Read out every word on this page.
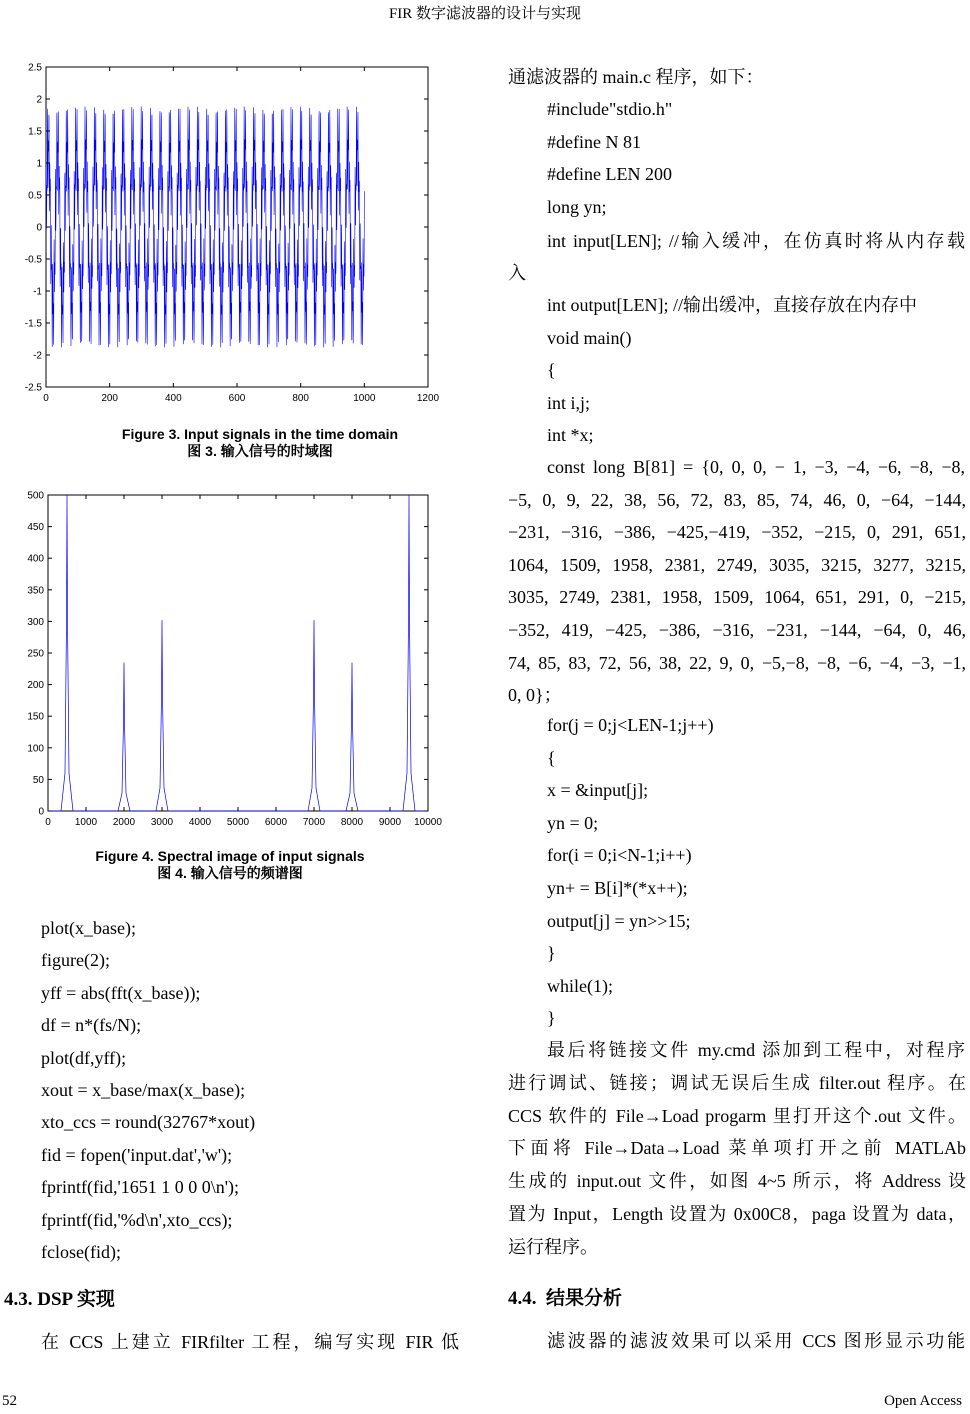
FIR 数字滤波器的设计与实现
0	200	400	600	800	1000	1200
2.5
2
1.5
1
0.5
0
-0.5
-1
-1.5
-2
-2.5
Figure 3. Input signals in the time domain
图 3. 输入信号的时域图
0 1000 2000 3000 4000 5000 6000 7000 8000 9000 10000
500
450
400
350
300
250
200
150
100
50
0
Figure 4. Spectral image of input signals
图 4. 输入信号的频谱图
plot(x_base);
figure(2);
yff = abs(fft(x_base));
df = n*(fs/N);
plot(df,yff);
xout = x_base/max(x_base);
xto_ccs = round(32767*xout)
fid = fopen('input.dat','w');
fprintf(fid,'1651 1 0 0 0\n');
fprintf(fid,'%d\n',xto_ccs);
fclose(fid);
4.3. DSP 实现
在 CCS 上建立 FIRfilter 工程，编写实现 FIR 低
通滤波器的 main.c 程序，如下：
#include"stdio.h"
#define N 81
#define LEN 200
long yn;
int input[LEN]; //输入缓冲，在仿真时将从内存载
入
int output[LEN]; //输出缓冲，直接存放在内存中
void main()
{
int i,j;
int *x;
const long B[81] = {0, 0, 0, − 1, −3, −4, −6, −8, −8,
−5, 0, 9, 22, 38, 56, 72, 83, 85, 74, 46, 0, −64, −144,
−231, −316, −386, −425,−419, −352, −215, 0, 291, 651,
1064, 1509, 1958, 2381, 2749, 3035, 3215, 3277, 3215,
3035, 2749, 2381, 1958, 1509, 1064, 651, 291, 0, −215,
−352, 419, −425, −386, −316, −231, −144, −64, 0, 46,
74, 85, 83, 72, 56, 38, 22, 9, 0, −5,−8, −8, −6, −4, −3, −1,
0, 0}；
for(j = 0;j<LEN-1;j++)
{
x = &input[j];
yn = 0;
for(i = 0;i<N-1;i++)
yn+ = B[i]*(*x++);
output[j] = yn>>15;
}
while(1);
}
最后将链接文件 my.cmd 添加到工程中，对程序
进行调试、链接；调试无误后生成 filter.out 程序。在
CCS 软件的 File→Load progarm 里打开这个.out 文件。
下面将 File→Data→Load 菜单项打开之前 MATLAb
生成的 input.out 文件，如图 4~5 所示，将 Address 设
置为 Input，Length 设置为 0x00C8，paga 设置为 data，
运行程序。
4.4. 结果分析
滤波器的滤波效果可以采用 CCS 图形显示功能
52	Open Access
